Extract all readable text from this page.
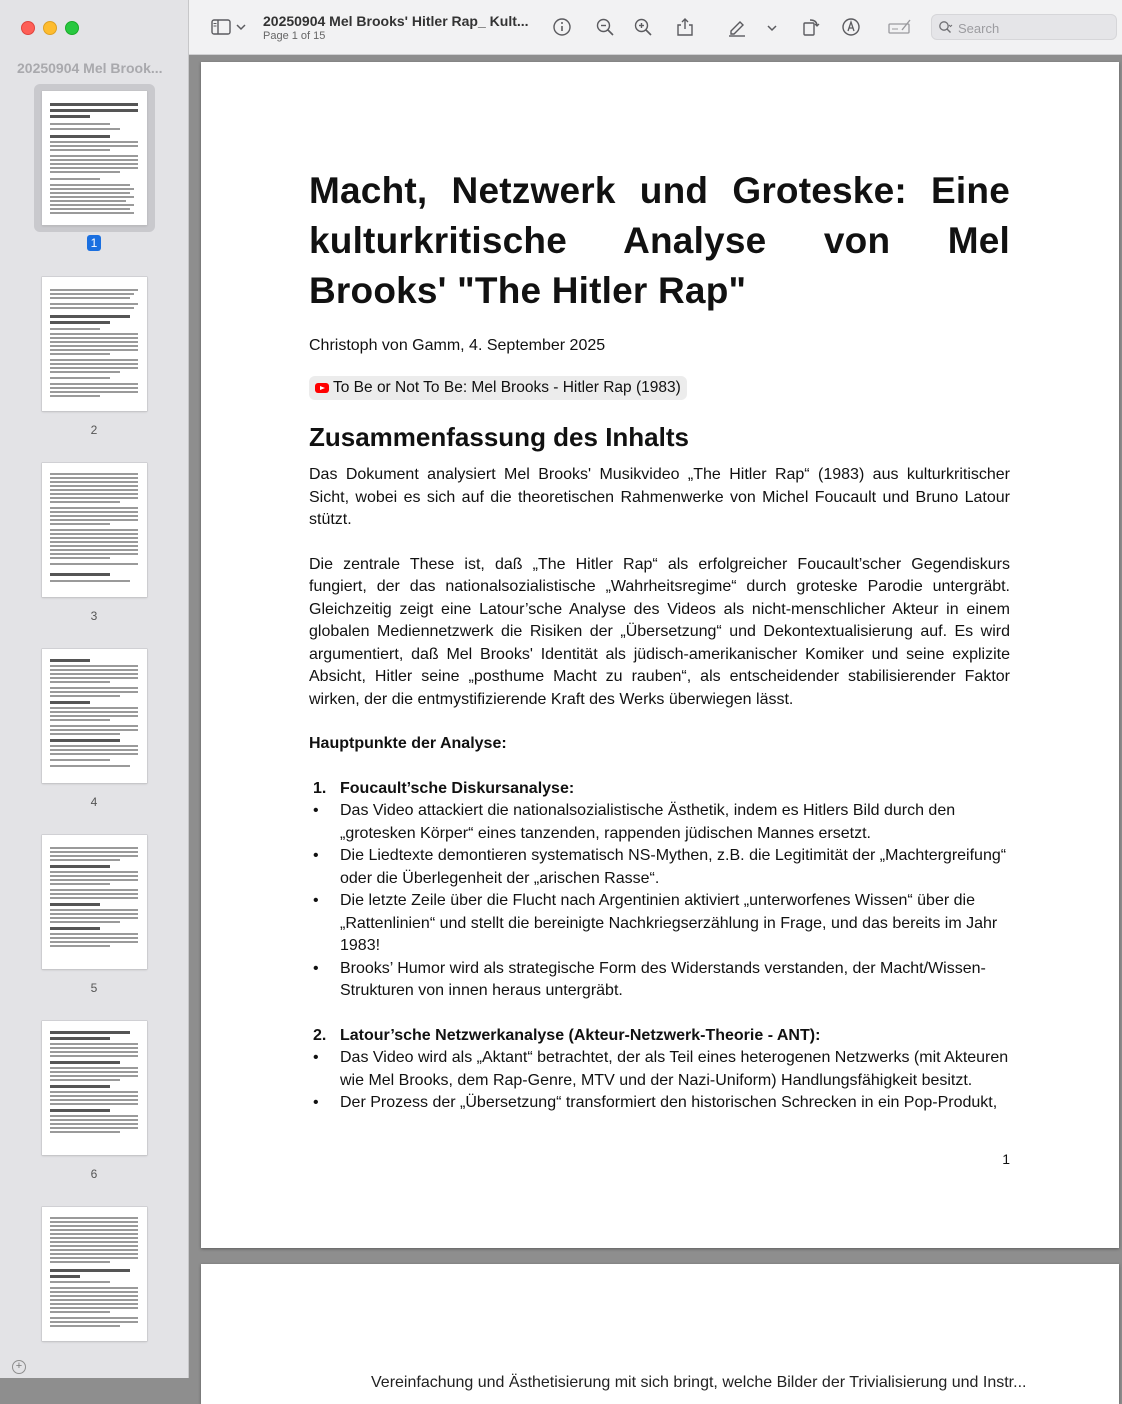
20250904 Mel Brook...
1
2
3
4
5
6
+
20250904 Mel Brooks' Hitler Rap_ Kult...
Page 1 of 15
Search
Macht, Netzwerk und Groteske: Eine kulturkritische Analyse von Mel Brooks' "The Hitler Rap"
Christoph von Gamm, 4. September 2025
To Be or Not To Be: Mel Brooks - Hitler Rap (1983)
Zusammenfassung des Inhalts

Das Dokument analysiert Mel Brooks' Musikvideo „The Hitler Rap“ (1983) aus kulturkritischer Sicht, wobei es sich auf die theoretischen Rahmenwerke von Michel Foucault und Bruno Latour stützt.

Die zentrale These ist, daß „The Hitler Rap“ als erfolgreicher Foucault’scher Gegendiskurs fungiert, der das nationalsozialistische „Wahrheitsregime“ durch groteske Parodie untergräbt. Gleichzeitig zeigt eine Latour’sche Analyse des Videos als nicht-menschlicher Akteur in einem globalen Mediennetzwerk die Risiken der „Übersetzung“ und Dekontextualisierung auf. Es wird argumentiert, daß Mel Brooks' Identität als jüdisch-amerikanischer Komiker und seine explizite Absicht, Hitler seine „posthume Macht zu rauben“, als entscheidender stabilisierender Faktor wirken, der die entmystifizierende Kraft des Werks überwiegen lässt.

Hauptpunkte der Analyse:
1. Foucault’sche Diskursanalyse:
• Das Video attackiert die nationalsozialistische Ästhetik, indem es Hitlers Bild durch den „grotesken Körper“ eines tanzenden, rappenden jüdischen Mannes ersetzt.
• Die Liedtexte demontieren systematisch NS-Mythen, z.B. die Legitimität der „Machtergreifung“ oder die Überlegenheit der „arischen Rasse“.
• Die letzte Zeile über die Flucht nach Argentinien aktiviert „unterworfenes Wissen“ über die „Rattenlinien“ und stellt die bereinigte Nachkriegserzählung in Frage, und das bereits im Jahr 1983!
• Brooks’ Humor wird als strategische Form des Widerstands verstanden, der Macht/Wissen-Strukturen von innen heraus untergräbt.
2. Latour’sche Netzwerkanalyse (Akteur-Netzwerk-Theorie - ANT):
• Das Video wird als „Aktant“ betrachtet, der als Teil eines heterogenen Netzwerks (mit Akteuren wie Mel Brooks, dem Rap-Genre, MTV und der Nazi-Uniform) Handlungsfähigkeit besitzt.
• Der Prozess der „Übersetzung“ transformiert den historischen Schrecken in ein Pop-Produkt,
1
Vereinfachung und Ästhetisierung mit sich bringt, welche Bilder der Trivialisierung und Instr...
